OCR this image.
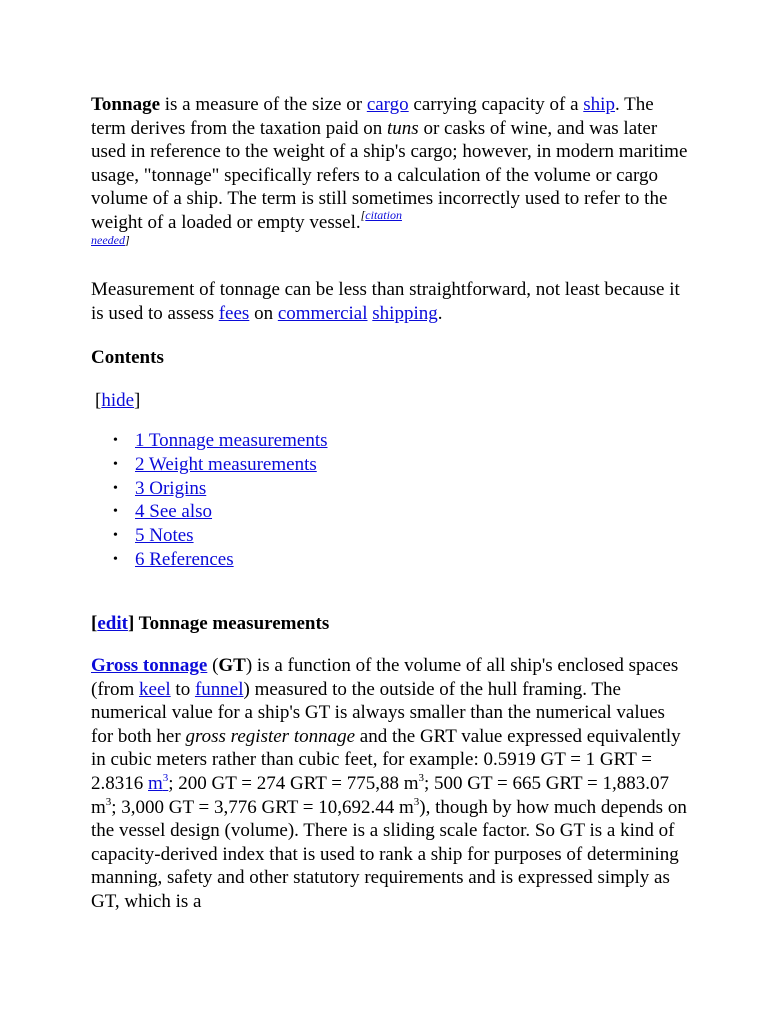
Tonnage is a measure of the size or cargo carrying capacity of a ship. The term derives from the taxation paid on tuns or casks of wine, and was later used in reference to the weight of a ship's cargo; however, in modern maritime usage, "tonnage" specifically refers to a calculation of the volume or cargo volume of a ship. The term is still sometimes incorrectly used to refer to the weight of a loaded or empty vessel.$^{[citation}$

needed]

Measurement of tonnage can be less than straightforward, not least because it is used to assess fees on commercial shipping.

Contents
[hide]
• 1 Tonnage measurements
• 2 Weight measurements
• 3 Origins
• 4 See also
• 5 Notes
• 6 References
[edit] Tonnage measurements

Gross tonnage (GT) is a function of the volume of all ship's enclosed spaces (from keel to funnel) measured to the outside of the hull framing. The numerical value for a ship's GT is always smaller than the numerical values for both her gross register tonnage and the GRT value expressed equivalently in cubic meters rather than cubic feet, for example: 0.5919 GT = 1 GRT = 2.8316 $m^3$; 200 GT = 274 GRT = 775,88 $m^3$; 500 GT = 665 GRT = 1,883.07 $m^3$; 3,000 GT = 3,776 GRT = 10,692.44 $m^3$), though by how much depends on the vessel design (volume). There is a sliding scale factor. So GT is a kind of capacity-derived index that is used to rank a ship for purposes of determining manning, safety and other statutory requirements and is expressed simply as GT, which is a
